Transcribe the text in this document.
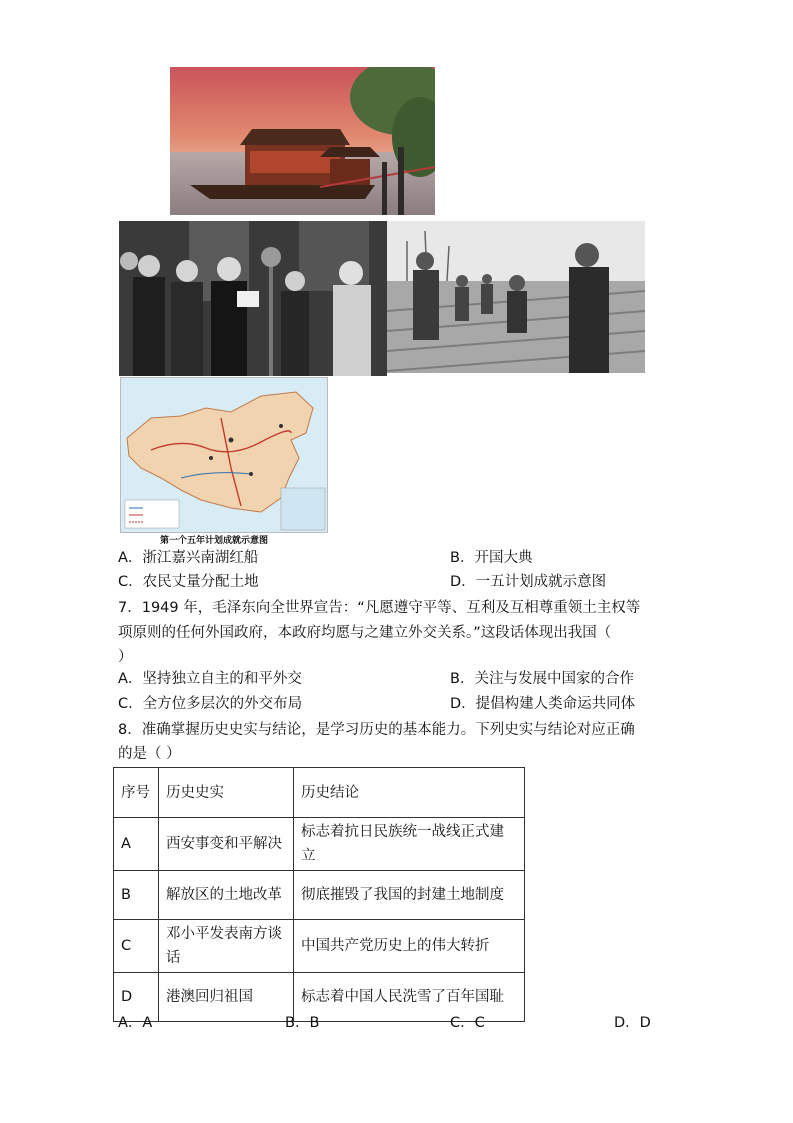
第一个五年计划成就示意图
A．浙江嘉兴南湖红船	B．开国大典
C．农民丈量分配土地	D．一五计划成就示意图
7．1949 年，毛泽东向全世界宣告：“凡愿遵守平等、互利及互相尊重领土主权等
项原则的任何外国政府，本政府均愿与之建立外交关系。”这段话体现出我国（
）
A．坚持独立自主的和平外交	B．关注与发展中国家的合作
C．全方位多层次的外交布局	D．提倡构建人类命运共同体
8．准确掌握历史史实与结论，是学习历史的基本能力。下列史实与结论对应正确
的是（ ）
序号	历史史实	历史结论
A	西安事变和平解决	标志着抗日民族统一战线正式建立
B	解放区的土地改革	彻底摧毁了我国的封建土地制度
C	邓小平发表南方谈话	中国共产党历史上的伟大转折
D	港澳回归祖国	标志着中国人民洗雪了百年国耻
A．A	B．B	C．C	D．D
